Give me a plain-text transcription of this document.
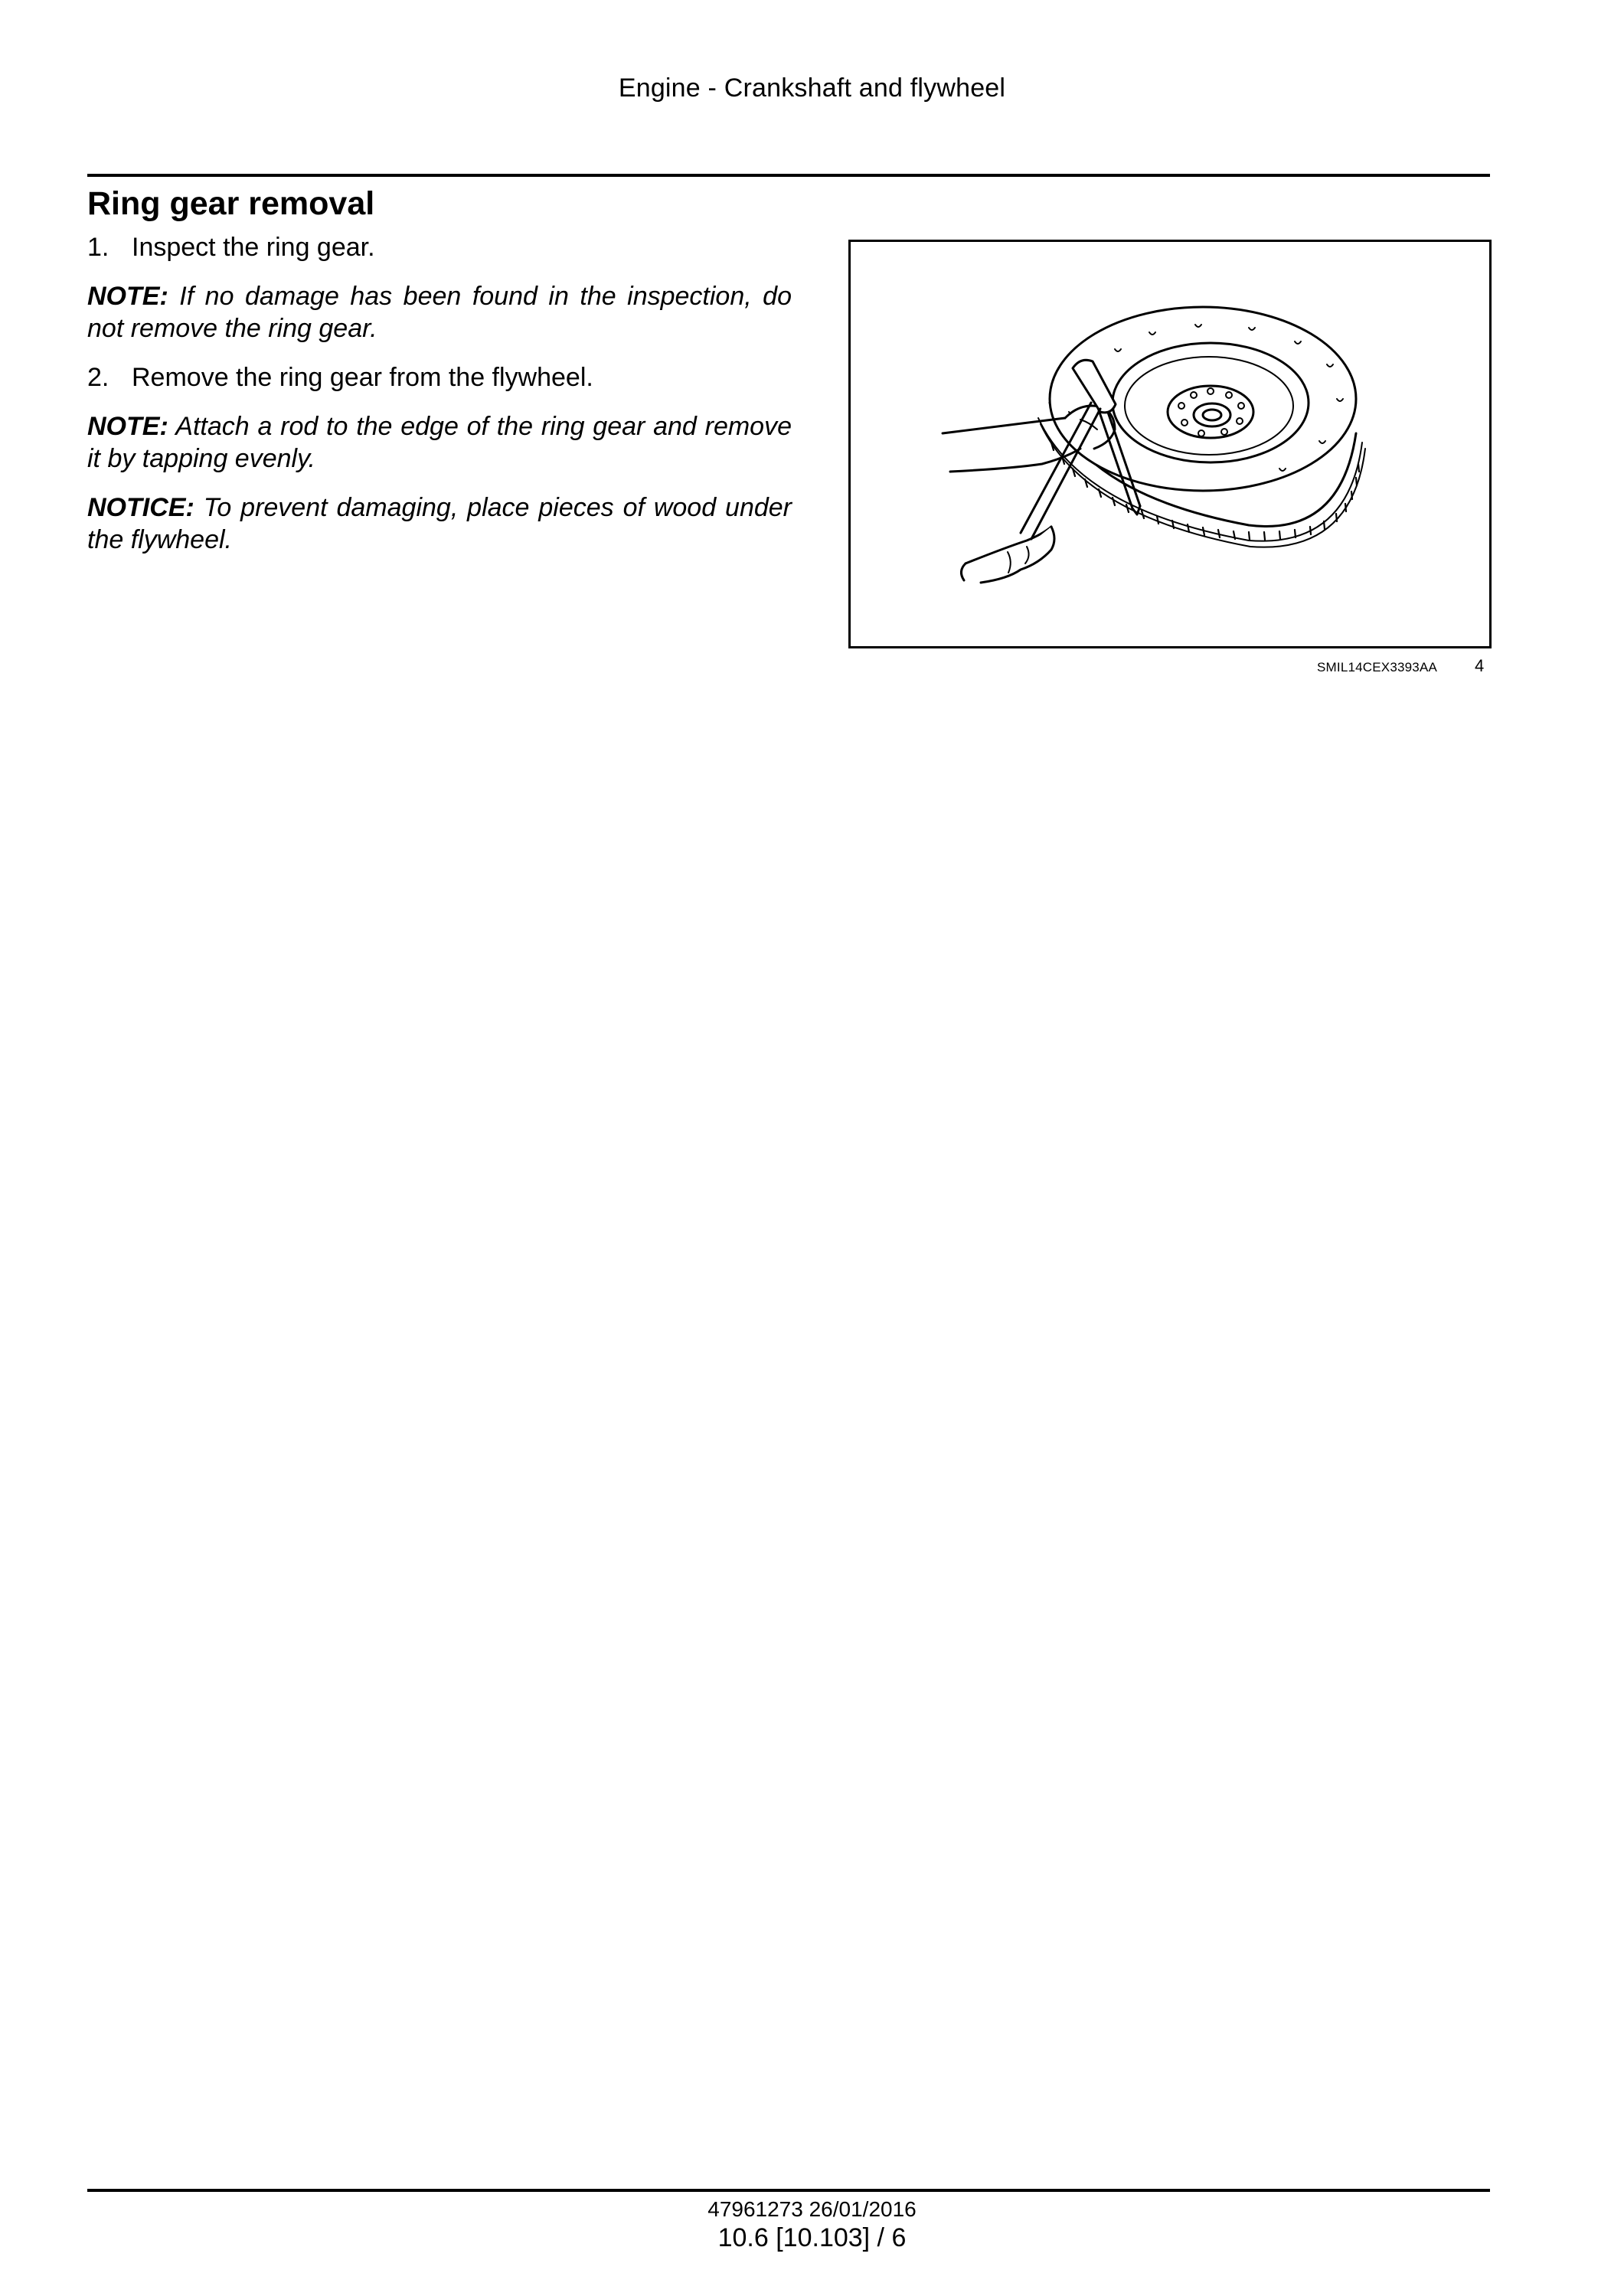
Engine - Crankshaft and flywheel
Ring gear removal
1. Inspect the ring gear.

NOTE: If no damage has been found in the inspection, do not remove the ring gear.

2. Remove the ring gear from the flywheel.

NOTE: Attach a rod to the edge of the ring gear and remove it by tapping evenly.

NOTICE: To prevent damaging, place pieces of wood under the flywheel.

SMIL14CEX3393AA 4
47961273 26/01/2016
10.6 [10.103] / 6
